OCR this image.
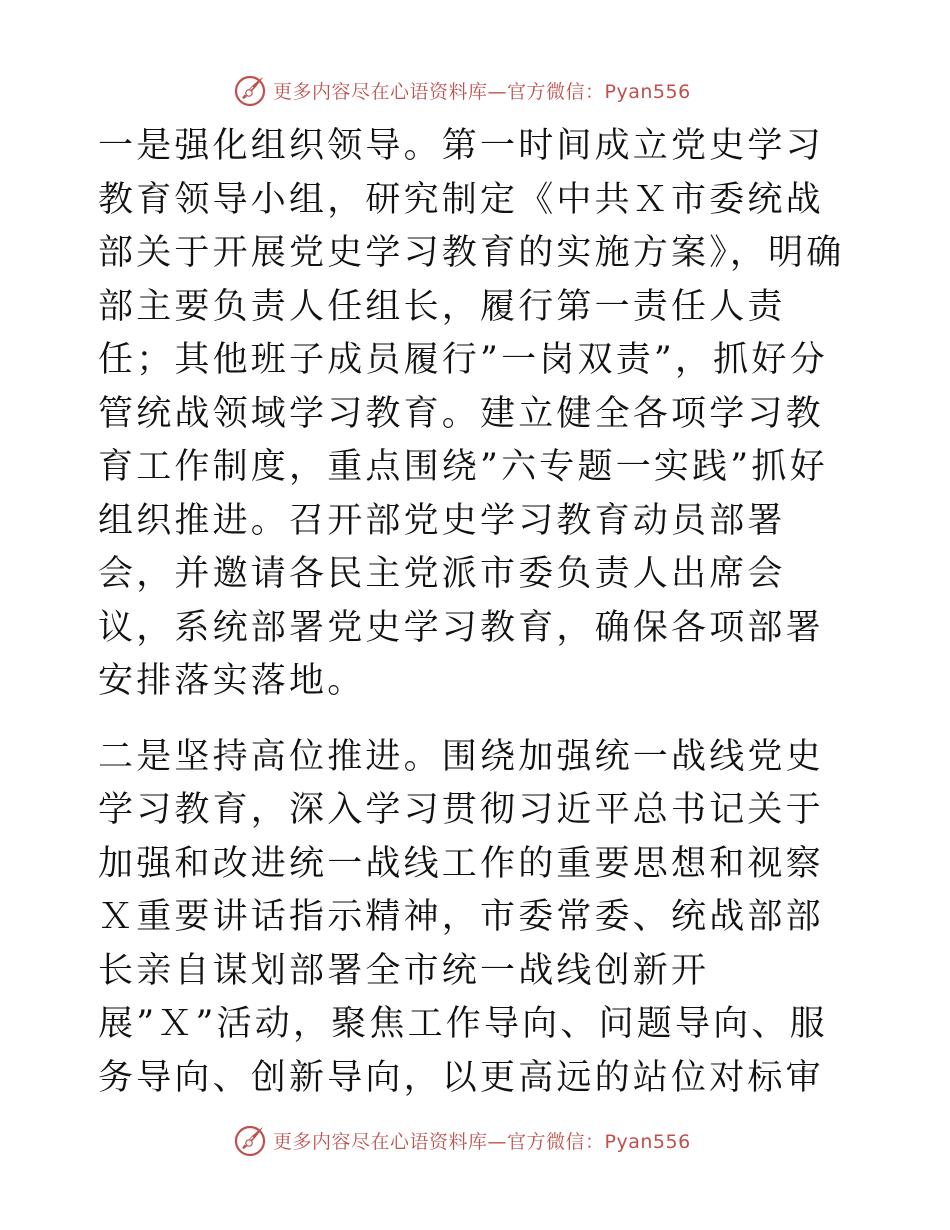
更多内容尽在心语资料库—官方微信：Pyan556

一是强化组织领导。第一时间成立党史学习教育领导小组，研究制定《中共Ｘ市委统战部关于开展党史学习教育的实施方案》，明确部主要负责人任组长，履行第一责任人责任；其他班子成员履行”一岗双责”，抓好分管统战领域学习教育。建立健全各项学习教育工作制度，重点围绕”六专题一实践”抓好组织推进。召开部党史学习教育动员部署会，并邀请各民主党派市委负责人出席会议，系统部署党史学习教育，确保各项部署安排落实落地。

二是坚持高位推进。围绕加强统一战线党史学习教育，深入学习贯彻习近平总书记关于加强和改进统一战线工作的重要思想和视察Ｘ重要讲话指示精神，市委常委、统战部部长亲自谋划部署全市统一战线创新开展”Ｘ”活动，聚焦工作导向、问题导向、服务导向、创新导向，以更高远的站位对标审

更多内容尽在心语资料库—官方微信：Pyan556
